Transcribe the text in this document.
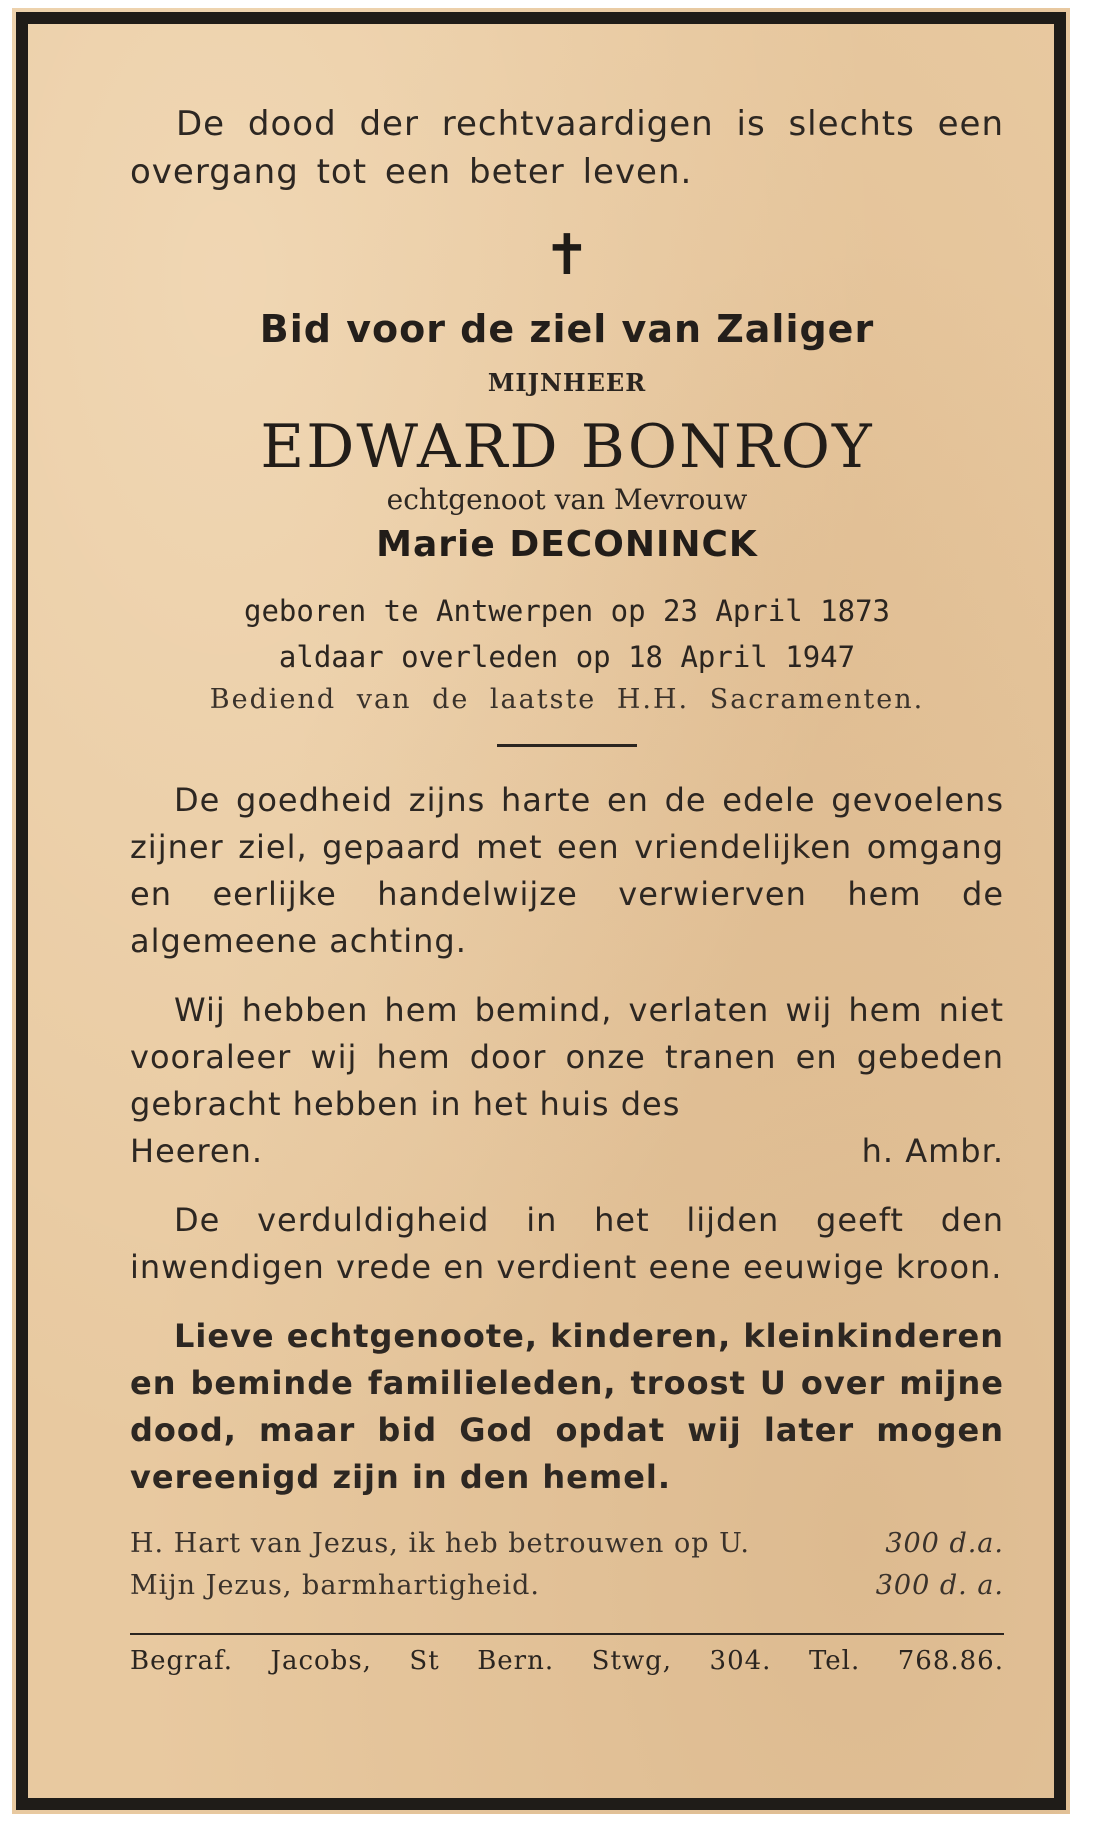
De dood der rechtvaardigen is slechts een overgang tot een beter leven.
✝
Bid voor de ziel van Zaliger
MIJNHEER
EDWARD BONROY
echtgenoot van Mevrouw
Marie DECONINCK
geboren te Antwerpen op 23 April 1873
aldaar overleden op 18 April 1947
Bediend van de laatste H.H. Sacramenten.
De goedheid zijns harte en de edele gevoelens zijner ziel, gepaard met een vriendelijken omgang en eerlijke handelwijze verwierven hem de algemeene achting.
Wij hebben hem bemind, verlaten wij hem niet vooraleer wij hem door onze tranen en gebeden gebracht hebben in het huis des
Heeren.	h. Ambr.
De verduldigheid in het lijden geeft den inwendigen vrede en verdient eene eeuwige kroon.
Lieve echtgenoote, kinderen, kleinkinderen en beminde familieleden, troost U over mijne dood, maar bid God opdat wij later mogen vereenigd zijn in den hemel.
H. Hart van Jezus, ik heb betrouwen op U.	300 d.a.
Mijn Jezus, barmhartigheid.	300 d. a.
Begraf. Jacobs, St Bern. Stwg, 304. Tel. 768.86.
